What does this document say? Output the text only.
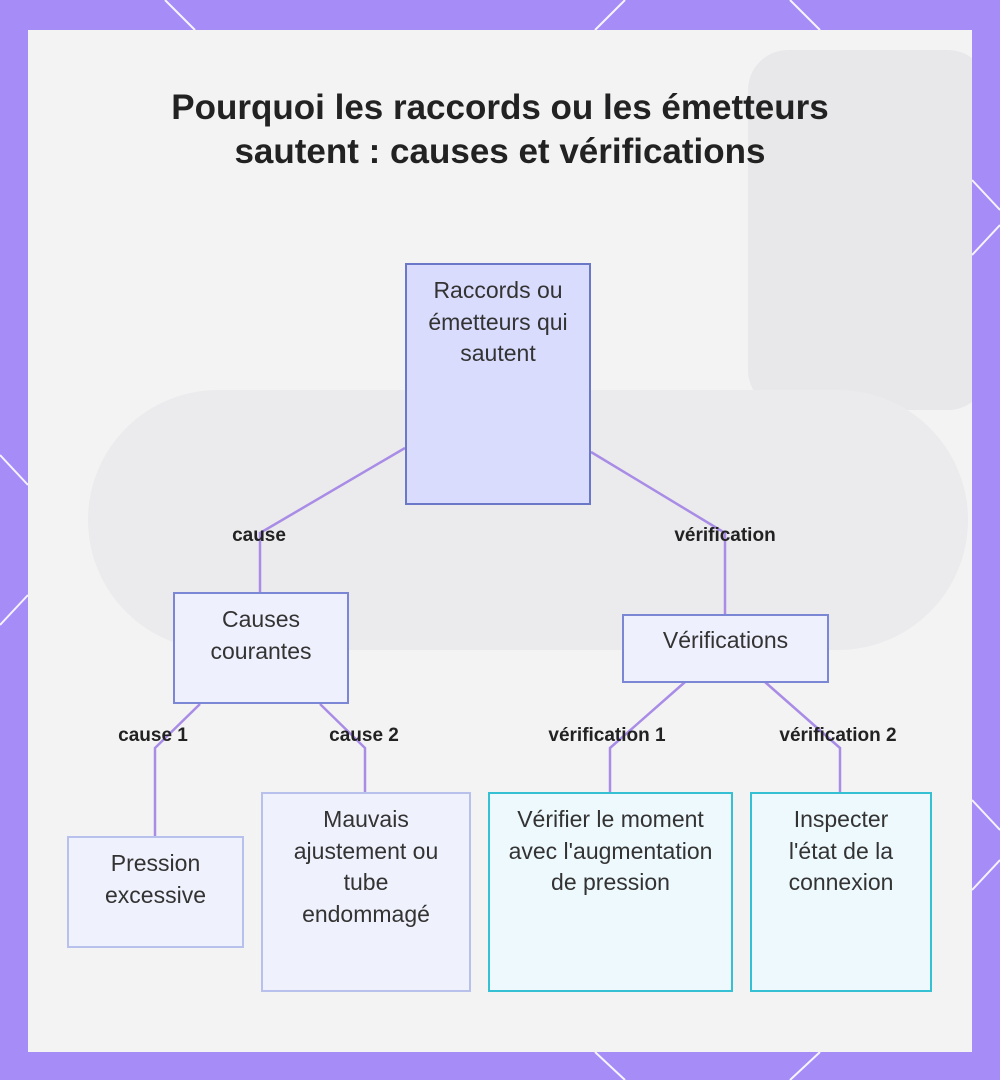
Pourquoi les raccords ou les émetteurs sautent : causes et vérifications
Raccords ou émetteurs qui sautent
Causes courantes	Vérifications
Pression excessive
Mauvais ajustement ou tube endommagé
Vérifier le moment avec l'augmentation de pression
Inspecter l'état de la connexion
cause	vérification
cause 1	cause 2	vérification 1	vérification 2
